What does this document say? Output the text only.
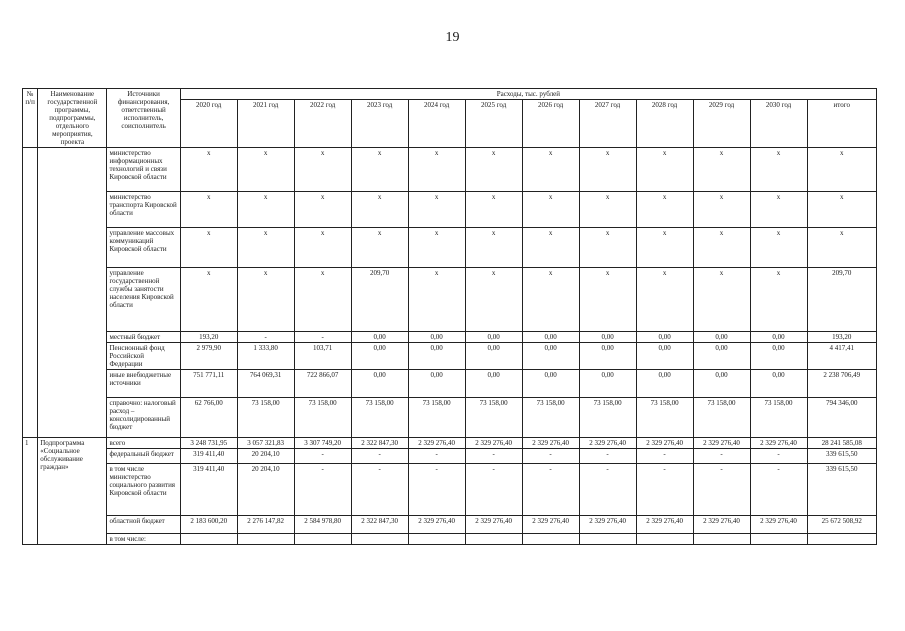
19
№ п/п	Наименование государственной программы, подпрограммы, отдельного мероприятия, проекта	Источники финансирования, ответственный исполнитель, соисполнитель	Расходы, тыс. рублей											
			2020 год	2021 год	2022 год	2023 год	2024 год	2025 год	2026 год	2027 год	2028 год	2029 год	2030 год	итого
		министерство информационных технологий и связи Кировской области	x	x	x	x	x	x	x	x	x	x	x	x
		министерство транспорта Кировской области	x	x	x	x	x	x	x	x	x	x	x	x
		управление массовых коммуникаций Кировской области	x	x	x	x	x	x	x	x	x	x	x	x
		управление государственной службы занятости населения Кировской области	x	x	x	209,70	x	x	x	x	x	x	x	209,70
		местный бюджет	193,20	-	-	0,00	0,00	0,00	0,00	0,00	0,00	0,00	0,00	193,20
		Пенсионный фонд Российской Федерации	2 979,90	1 333,80	103,71	0,00	0,00	0,00	0,00	0,00	0,00	0,00	0,00	4 417,41
		иные внебюджетные источники	751 771,11	764 069,31	722 866,07	0,00	0,00	0,00	0,00	0,00	0,00	0,00	0,00	2 238 706,49
		справочно: налоговый расход – консолидированный бюджет	62 766,00	73 158,00	73 158,00	73 158,00	73 158,00	73 158,00	73 158,00	73 158,00	73 158,00	73 158,00	73 158,00	794 346,00
1	Подпрограмма «Социальное обслуживание граждан»	всего	3 248 731,95	3 057 321,83	3 307 749,20	2 322 847,30	2 329 276,40	2 329 276,40	2 329 276,40	2 329 276,40	2 329 276,40	2 329 276,40	2 329 276,40	28 241 585,08
		федеральный бюджет	319 411,40	20 204,10	-	-	-	-	-	-	-	-	-	339 615,50
		в том числе министерство социального развития Кировской области	319 411,40	20 204,10	-	-	-	-	-	-	-	-	-	339 615,50
		областной бюджет	2 183 600,20	2 276 147,82	2 584 978,80	2 322 847,30	2 329 276,40	2 329 276,40	2 329 276,40	2 329 276,40	2 329 276,40	2 329 276,40	2 329 276,40	25 672 508,92
		в том числе:												
